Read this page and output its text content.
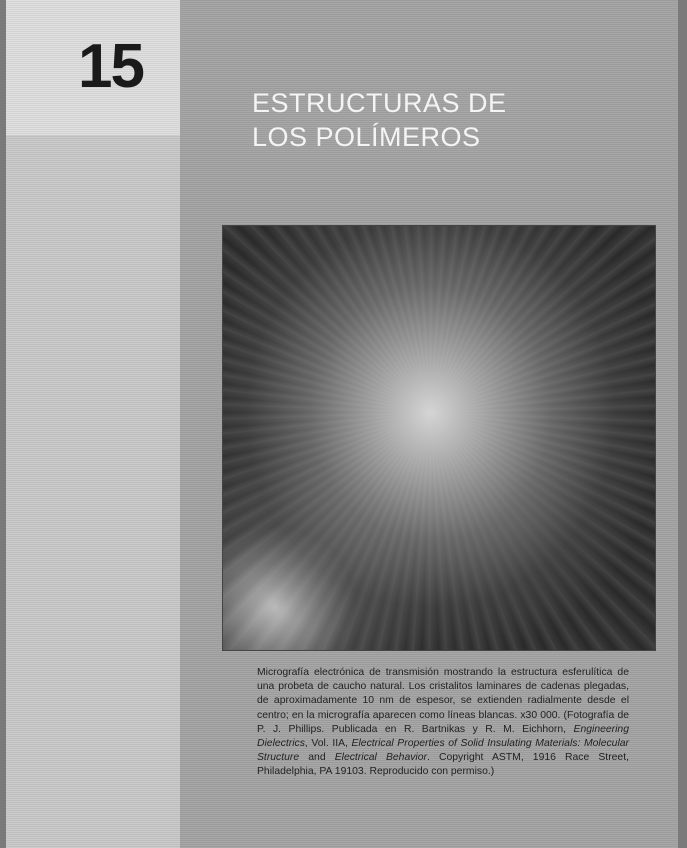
15
ESTRUCTURAS DE
LOS POLÍMEROS

Micrografía electrónica de transmisión mostrando la estructura esferulítica de una probeta de caucho natural. Los cristalitos laminares de cadenas plegadas, de aproximadamente 10 nm de espesor, se extienden radialmente desde el centro; en la micrografía aparecen como líneas blancas. x30 000. (Fotografía de P. J. Phillips. Publicada en R. Bartnikas y R. M. Eichhorn, Engineering Dielectrics, Vol. IIA, Electrical Properties of Solid Insulating Materials: Molecular Structure and Electrical Behavior. Copyright ASTM, 1916 Race Street, Philadelphia, PA 19103. Reproducido con permiso.)
